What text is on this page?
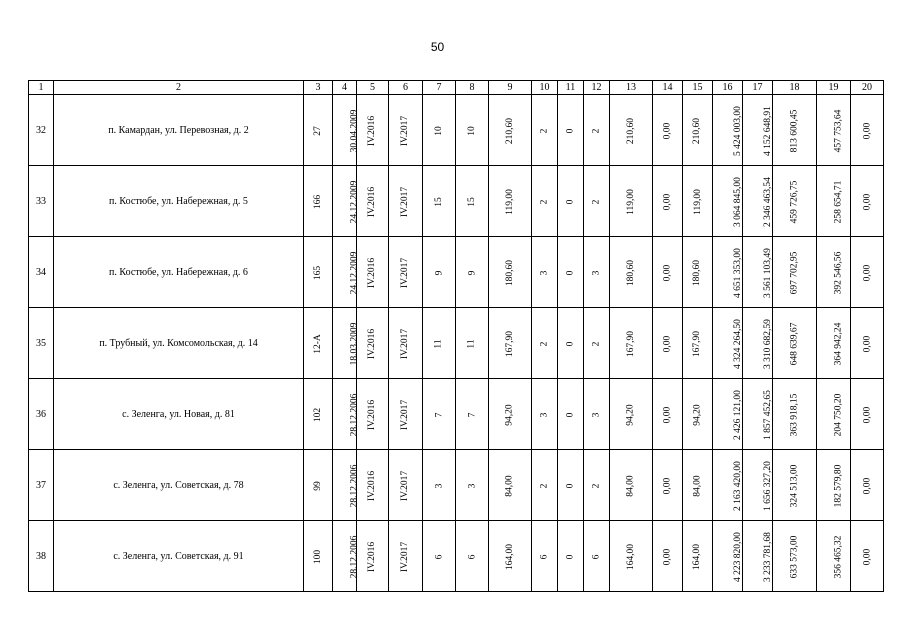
50
1	2	3	4	5	6	7	8	9	10	11	12	13	14	15	16	17	18	19	20
32	п. Камардан, ул. Перевозная, д. 2	27	30.04.2009	IV.2016	IV.2017	10	10	210,60	2	0	2	210,60	0,00	210,60	5 424 003,00	4 152 648,91	813 600,45	457 753,64	0,00
33	п. Костюбе, ул. Набережная, д. 5	166	24.12.2009	IV.2016	IV.2017	15	15	119,00	2	0	2	119,00	0,00	119,00	3 064 845,00	2 346 463,54	459 726,75	258 654,71	0,00
34	п. Костюбе, ул. Набережная, д. 6	165	24.12.2009	IV.2016	IV.2017	9	9	180,60	3	0	3	180,60	0,00	180,60	4 651 353,00	3 561 103,49	697 702,95	392 546,56	0,00
35	п. Трубный, ул. Комсомольская, д. 14	12-А	18.03.2009	IV.2016	IV.2017	11	11	167,90	2	0	2	167,90	0,00	167,90	4 324 264,50	3 310 682,59	648 639,67	364 942,24	0,00
36	с. Зеленга, ул. Новая, д. 81	102	28.12.2006	IV.2016	IV.2017	7	7	94,20	3	0	3	94,20	0,00	94,20	2 426 121,00	1 857 452,65	363 918,15	204 750,20	0,00
37	с. Зеленга, ул. Советская, д. 78	99	28.12.2006	IV.2016	IV.2017	3	3	84,00	2	0	2	84,00	0,00	84,00	2 163 420,00	1 656 327,20	324 513,00	182 579,80	0,00
38	с. Зеленга, ул. Советская, д. 91	100	28.12.2006	IV.2016	IV.2017	6	6	164,00	6	0	6	164,00	0,00	164,00	4 223 820,00	3 233 781,68	633 573,00	356 465,32	0,00
